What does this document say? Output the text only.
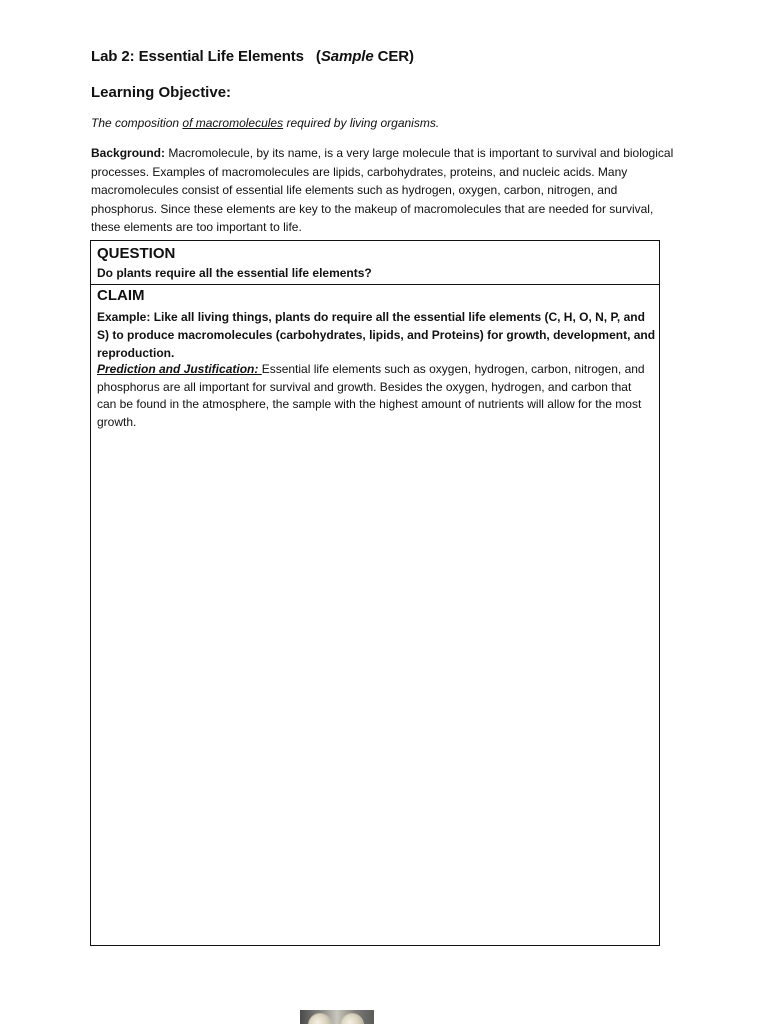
Lab 2: Essential Life Elements (Sample CER)
Learning Objective:
The composition of macromolecules required by living organisms.
Background: Macromolecule, by its name, is a very large molecule that is important to survival and biological processes. Examples of macromolecules are lipids, carbohydrates, proteins, and nucleic acids. Many macromolecules consist of essential life elements such as hydrogen, oxygen, carbon, nitrogen, and phosphorus. Since these elements are key to the makeup of macromolecules that are needed for survival, these elements are too important to life.
QUESTION
Do plants require all the essential life elements?
CLAIM
Example: Like all living things, plants do require all the essential life elements (C, H, O, N, P, and S) to produce macromolecules (carbohydrates, lipids, and Proteins) for growth, development, and reproduction.
Prediction and Justification: Essential life elements such as oxygen, hydrogen, carbon, nitrogen, and phosphorus are all important for survival and growth. Besides the oxygen, hydrogen, and carbon that can be found in the atmosphere, the sample with the highest amount of nutrients will allow for the most growth.
